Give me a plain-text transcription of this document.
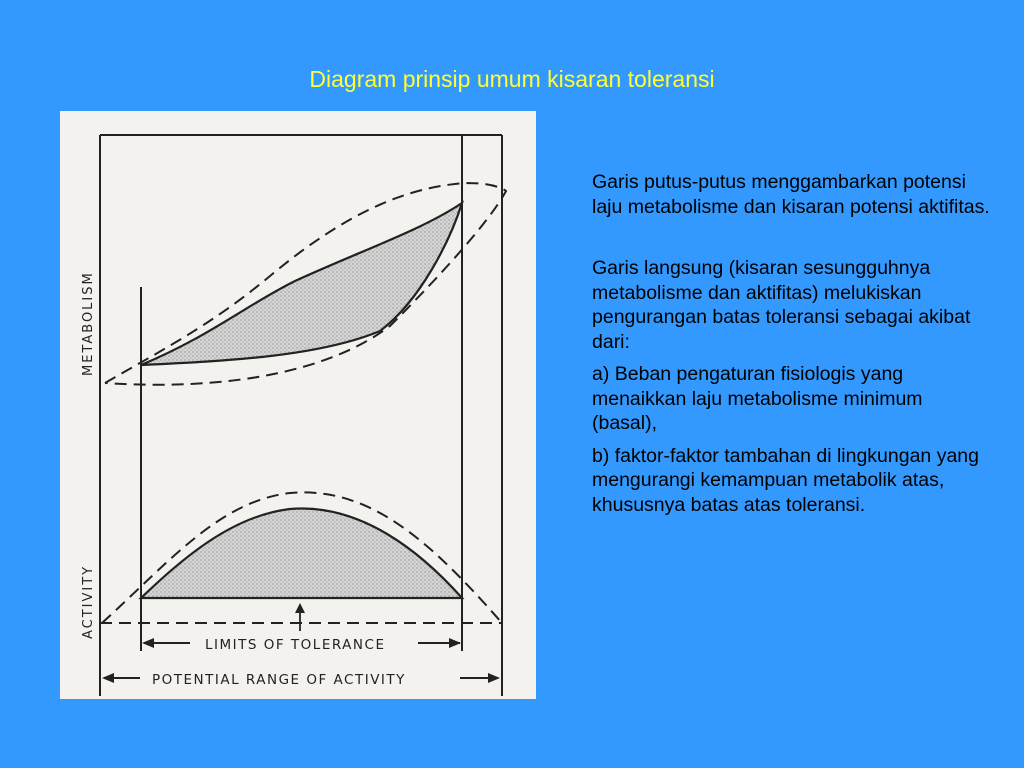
Diagram prinsip umum kisaran toleransi
METABOLISM
ACTIVITY
LIMITS OF TOLERANCE
POTENTIAL RANGE OF ACTIVITY

Garis putus-putus menggambarkan potensi laju metabolisme dan kisaran potensi aktifitas.

Garis langsung (kisaran sesungguhnya metabolisme dan aktifitas) melukiskan pengurangan batas toleransi sebagai akibat dari:

a) Beban pengaturan fisiologis yang menaikkan laju metabolisme minimum (basal),

b) faktor-faktor tambahan di lingkungan yang mengurangi kemampuan metabolik atas, khususnya batas atas toleransi.
